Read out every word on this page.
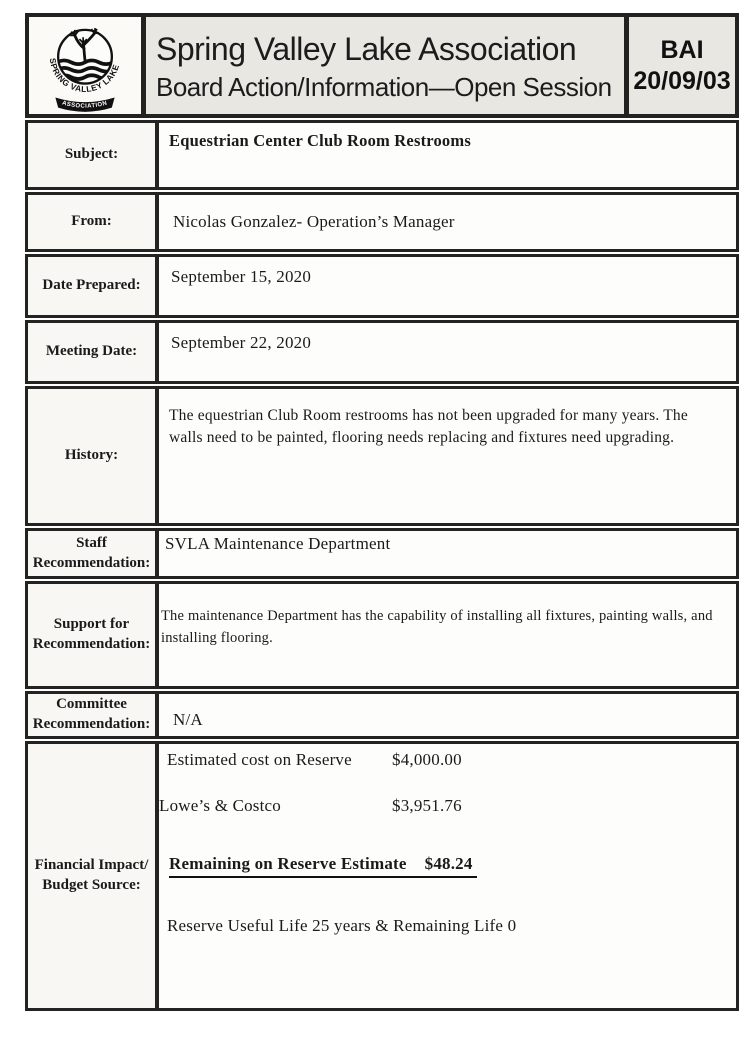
SPRING VALLEY LAKE
ASSOCIATION
Spring Valley Lake Association
Board Action/Information—Open Session
BAI
20/09/03
Subject:
Equestrian Center Club Room Restrooms
From:	Nicolas Gonzalez- Operation’s Manager
Date Prepared:	September 15, 2020
Meeting Date:	September 22, 2020
History:
The equestrian Club Room restrooms has not been upgraded for many years. The walls need to be painted, flooring needs replacing and fixtures need upgrading.
Staff Recommendation:
SVLA Maintenance Department
Support for Recommendation:
The maintenance Department has the capability of installing all fixtures, painting walls, and installing flooring.
Committee Recommendation:	N/A
Financial Impact/ Budget Source:
Estimated cost on Reserve $4,000.00
Lowe’s & Costco	$3,951.76
Remaining on Reserve Estimate $48.24
Reserve Useful Life 25 years & Remaining Life 0
